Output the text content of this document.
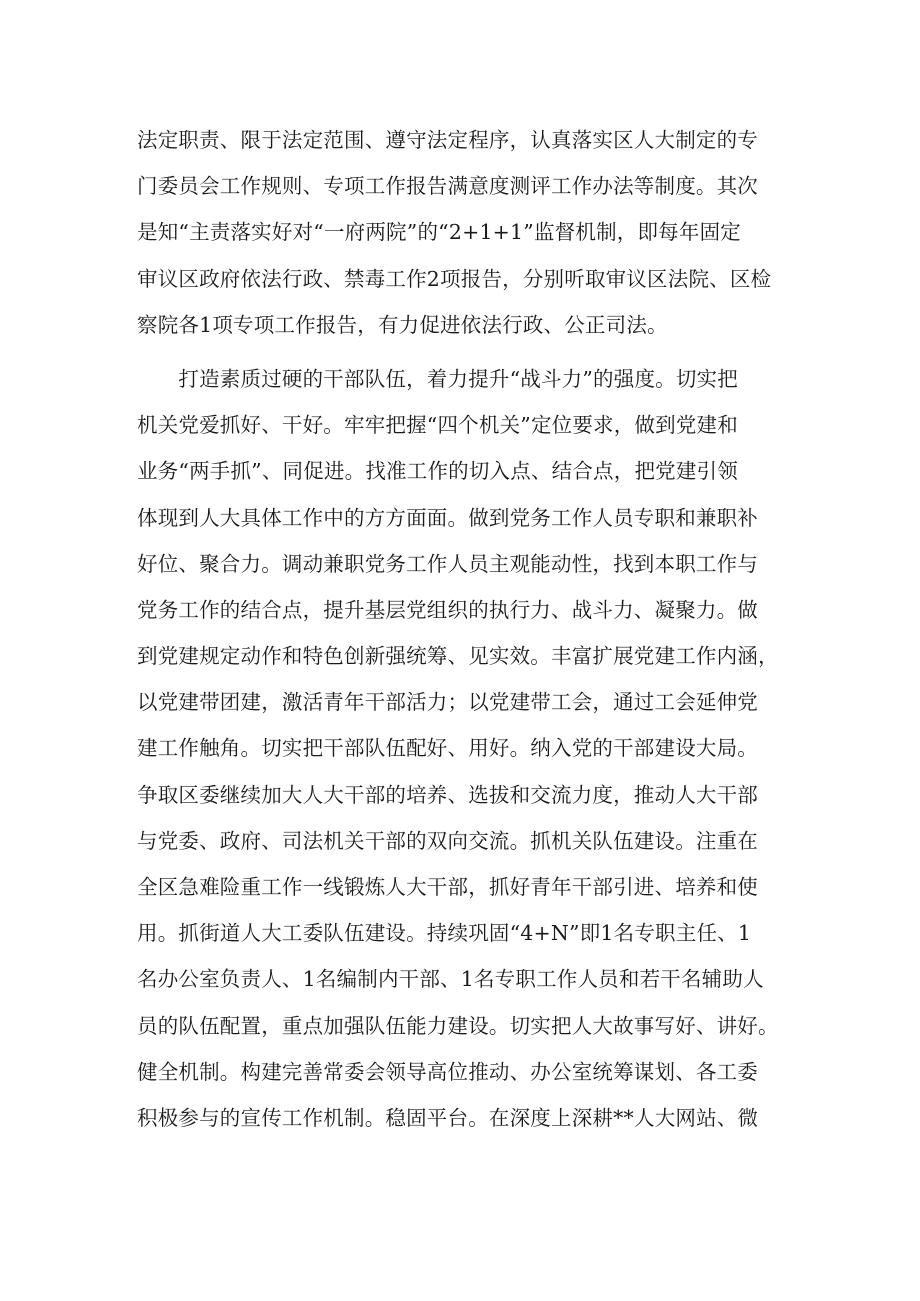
法定职责、限于法定范围、遵守法定程序，认真落实区人大制定的专
门委员会工作规则、专项工作报告满意度测评工作办法等制度。其次
是知“主责落实好对“一府两院”的“2+1+1”监督机制，即每年固定
审议区政府依法行政、禁毒工作2项报告，分别听取审议区法院、区检
察院各1项专项工作报告，有力促进依法行政、公正司法。
　　打造素质过硬的干部队伍，着力提升“战斗力”的强度。切实把
机关党爱抓好、干好。牢牢把握“四个机关”定位要求，做到党建和
业务“两手抓”、同促进。找准工作的切入点、结合点，把党建引领
体现到人大具体工作中的方方面面。做到党务工作人员专职和兼职补
好位、聚合力。调动兼职党务工作人员主观能动性，找到本职工作与
党务工作的结合点，提升基层党组织的执行力、战斗力、凝聚力。做
到党建规定动作和特色创新强统筹、见实效。丰富扩展党建工作内涵，
以党建带团建，激活青年干部活力；以党建带工会，通过工会延伸党
建工作触角。切实把干部队伍配好、用好。纳入党的干部建设大局。
争取区委继续加大人大干部的培养、选拔和交流力度，推动人大干部
与党委、政府、司法机关干部的双向交流。抓机关队伍建设。注重在
全区急难险重工作一线锻炼人大干部，抓好青年干部引进、培养和使
用。抓街道人大工委队伍建设。持续巩固“4+N”即1名专职主任、1
名办公室负责人、1名编制内干部、1名专职工作人员和若干名辅助人
员的队伍配置，重点加强队伍能力建设。切实把人大故事写好、讲好。
健全机制。构建完善常委会领导高位推动、办公室统筹谋划、各工委
积极参与的宣传工作机制。稳固平台。在深度上深耕**人大网站、微
